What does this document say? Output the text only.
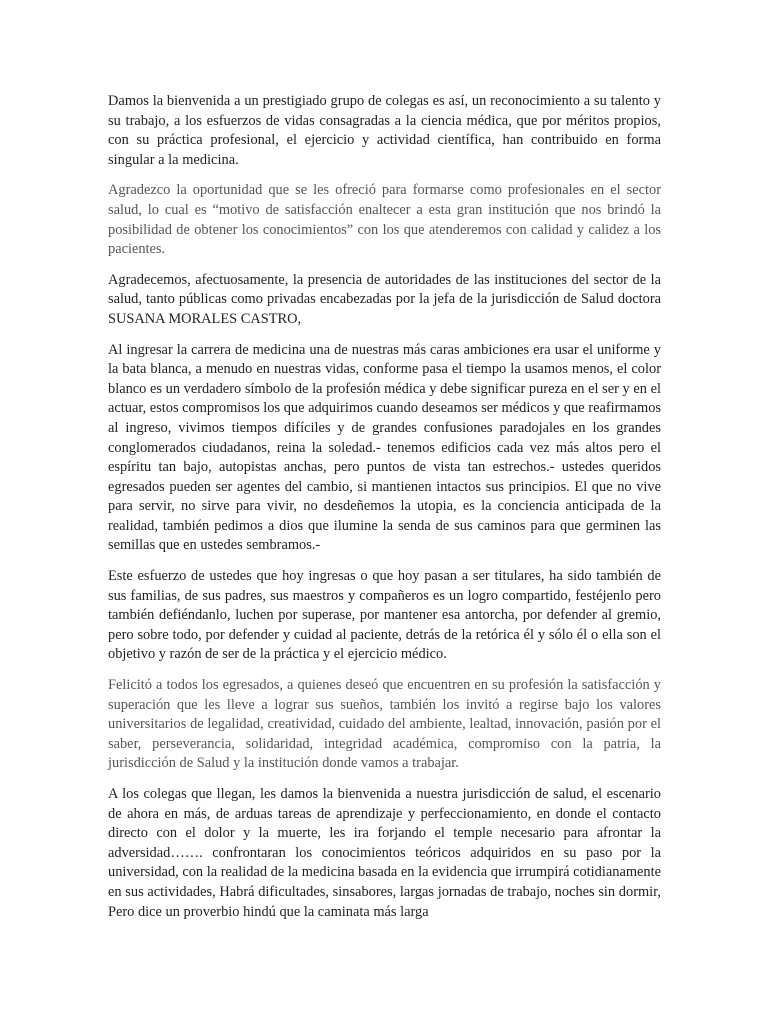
Damos la bienvenida a un prestigiado grupo de colegas es así, un reconocimiento a su talento y su trabajo, a los esfuerzos de vidas consagradas a la ciencia médica, que por méritos propios, con su práctica profesional, el ejercicio y actividad científica, han contribuido en forma singular a la medicina.

Agradezco la oportunidad que se les ofreció para formarse como profesionales en el sector salud, lo cual es “motivo de satisfacción enaltecer a esta gran institución que nos brindó la posibilidad de obtener los conocimientos” con los que atenderemos con calidad y calidez a los pacientes.

Agradecemos, afectuosamente, la presencia de autoridades de las instituciones del sector de la salud, tanto públicas como privadas encabezadas por la jefa de la jurisdicción de Salud doctora SUSANA MORALES CASTRO,

Al ingresar la carrera de medicina una de nuestras más caras ambiciones era usar el uniforme y la bata blanca, a menudo en nuestras vidas, conforme pasa el tiempo la usamos menos, el color blanco es un verdadero símbolo de la profesión médica y debe significar pureza en el ser y en el actuar, estos compromisos los que adquirimos cuando deseamos ser médicos y que reafirmamos al ingreso, vivimos tiempos difíciles y de grandes confusiones paradojales en los grandes conglomerados ciudadanos, reina la soledad.- tenemos edificios cada vez más altos pero el espíritu tan bajo, autopistas anchas, pero puntos de vista tan estrechos.- ustedes queridos egresados pueden ser agentes del cambio, si mantienen intactos sus principios. El que no vive para servir, no sirve para vivir, no desdeñemos la utopia, es la conciencia anticipada de la realidad, también pedimos a dios que ilumine la senda de sus caminos para que germinen las semillas que en ustedes sembramos.-

Este esfuerzo de ustedes que hoy ingresas o que hoy pasan a ser titulares, ha sido también de sus familias, de sus padres, sus maestros y compañeros es un logro compartido, festéjenlo pero también defiéndanlo, luchen por superase, por mantener esa antorcha, por defender al gremio, pero sobre todo, por defender y cuidad al paciente, detrás de la retórica él y sólo él o ella son el objetivo y razón de ser de la práctica y el ejercicio médico.

Felicitó a todos los egresados, a quienes deseó que encuentren en su profesión la satisfacción y superación que les lleve a lograr sus sueños, también los invitó a regirse bajo los valores universitarios de legalidad, creatividad, cuidado del ambiente, lealtad, innovación, pasión por el saber, perseverancia, solidaridad, integridad académica, compromiso con la patria, la jurisdicción de Salud y la institución donde vamos a trabajar.

A los colegas que llegan, les damos la bienvenida a nuestra jurisdicción de salud, el escenario de ahora en más, de arduas tareas de aprendizaje y perfeccionamiento, en donde el contacto directo con el dolor y la muerte, les ira forjando el temple necesario para afrontar la adversidad……. confrontaran los conocimientos teóricos adquiridos en su paso por la universidad, con la realidad de la medicina basada en la evidencia que irrumpirá cotidianamente en sus actividades, Habrá dificultades, sinsabores, largas jornadas de trabajo, noches sin dormir, Pero dice un proverbio hindú que la caminata más larga
